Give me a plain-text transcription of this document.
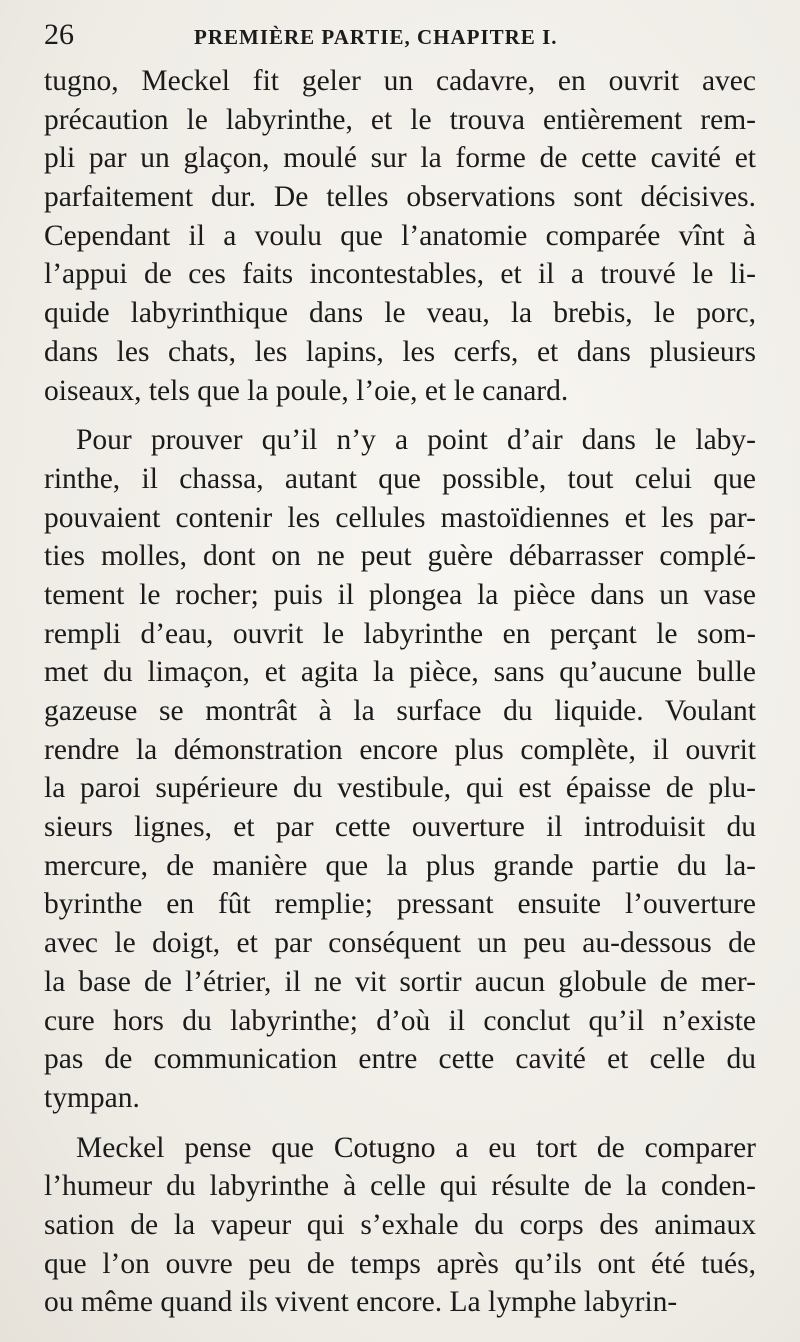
26	PREMIÈRE PARTIE, CHAPITRE I.
tugno, Meckel fit geler un cadavre, en ouvrit avec
précaution le labyrinthe, et le trouva entièrement rem-
pli par un glaçon, moulé sur la forme de cette cavité et
parfaitement dur. De telles observations sont décisives.
Cependant il a voulu que l’anatomie comparée vînt à
l’appui de ces faits incontestables, et il a trouvé le li-
quide labyrinthique dans le veau, la brebis, le porc,
dans les chats, les lapins, les cerfs, et dans plusieurs
oiseaux, tels que la poule, l’oie, et le canard.
Pour prouver qu’il n’y a point d’air dans le laby-
rinthe, il chassa, autant que possible, tout celui que
pouvaient contenir les cellules mastoïdiennes et les par-
ties molles, dont on ne peut guère débarrasser complé-
tement le rocher; puis il plongea la pièce dans un vase
rempli d’eau, ouvrit le labyrinthe en perçant le som-
met du limaçon, et agita la pièce, sans qu’aucune bulle
gazeuse se montrât à la surface du liquide. Voulant
rendre la démonstration encore plus complète, il ouvrit
la paroi supérieure du vestibule, qui est épaisse de plu-
sieurs lignes, et par cette ouverture il introduisit du
mercure, de manière que la plus grande partie du la-
byrinthe en fût remplie; pressant ensuite l’ouverture
avec le doigt, et par conséquent un peu au-dessous de
la base de l’étrier, il ne vit sortir aucun globule de mer-
cure hors du labyrinthe; d’où il conclut qu’il n’existe
pas de communication entre cette cavité et celle du
tympan.
Meckel pense que Cotugno a eu tort de comparer
l’humeur du labyrinthe à celle qui résulte de la conden-
sation de la vapeur qui s’exhale du corps des animaux
que l’on ouvre peu de temps après qu’ils ont été tués,
ou même quand ils vivent encore. La lymphe labyrin-
